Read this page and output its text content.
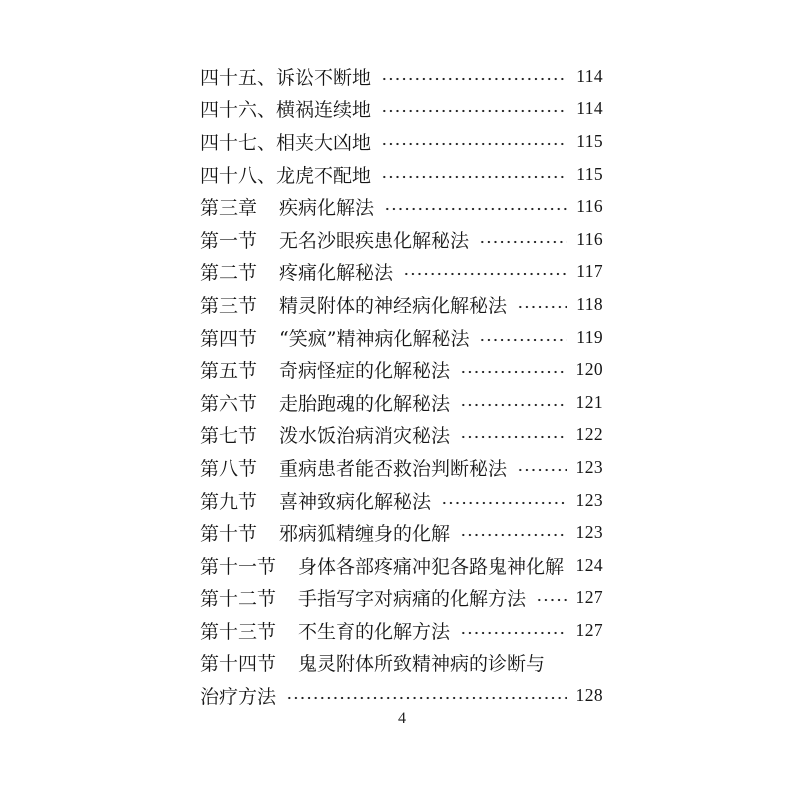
四十五、诉讼不断地	114
四十六、横祸连续地	114
四十七、相夹大凶地	115
四十八、龙虎不配地	115
第三章 疾病化解法	116
第一节 无名沙眼疾患化解秘法	116
第二节 疼痛化解秘法	117
第三节 精灵附体的神经病化解秘法	118
第四节 “笑疯”精神病化解秘法	119
第五节 奇病怪症的化解秘法	120
第六节 走胎跑魂的化解秘法	121
第七节 泼水饭治病消灾秘法	122
第八节 重病患者能否救治判断秘法	123
第九节 喜神致病化解秘法	123
第十节 邪病狐精缠身的化解	123
第十一节 身体各部疼痛冲犯各路鬼神化解 124
第十二节 手指写字对病痛的化解方法	127
第十三节 不生育的化解方法	127
第十四节 鬼灵附体所致精神病的诊断与
治疗方法	128
4
